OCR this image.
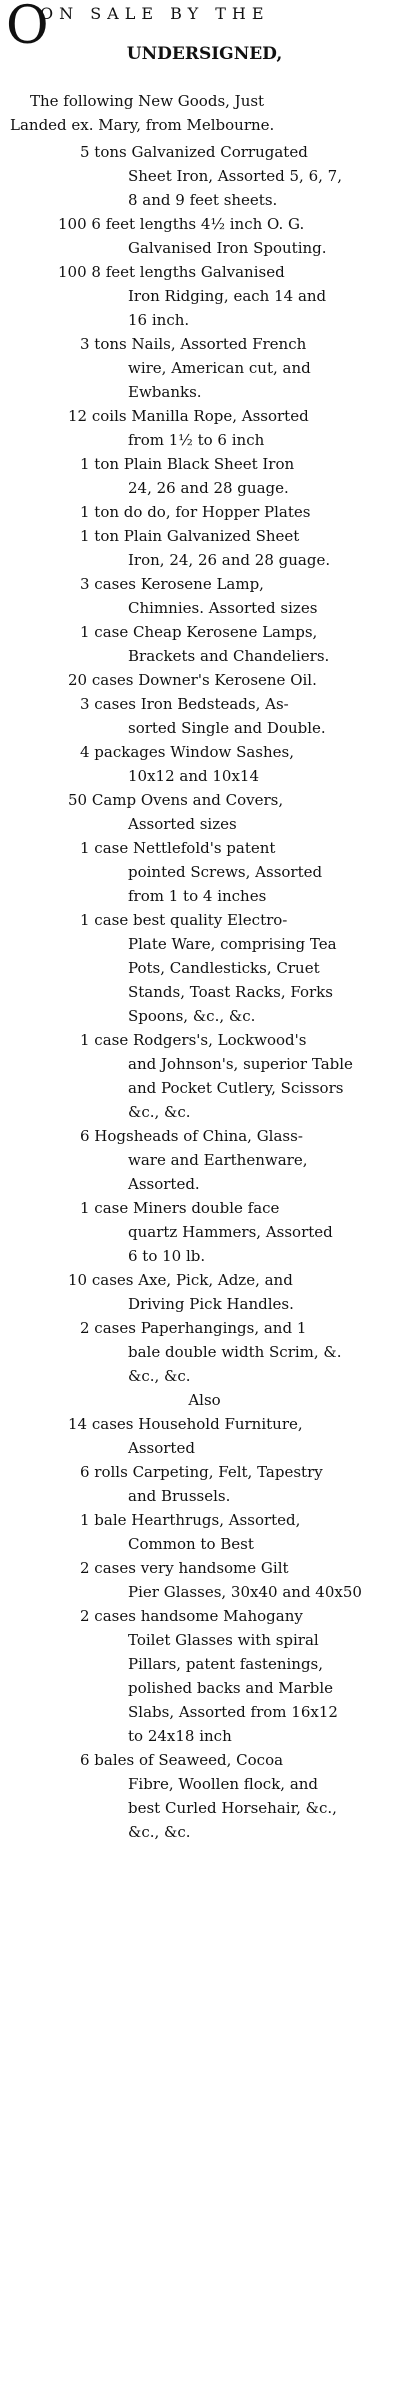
O
ON SALE BY THE
UNDERSIGNED,
The following New Goods, Just
Landed ex. Mary, from Melbourne.
5 tons Galvanized Corrugated
Sheet Iron, Assorted 5, 6, 7,
8 and 9 feet sheets.
100 6 feet lengths 4½ inch O. G.
Galvanised Iron Spouting.
100 8 feet lengths Galvanised
Iron Ridging, each 14 and
16 inch.
3 tons Nails, Assorted French
wire, American cut, and
Ewbanks.
12 coils Manilla Rope, Assorted
from 1½ to 6 inch
1 ton Plain Black Sheet Iron
24, 26 and 28 guage.
1 ton do do, for Hopper Plates
1 ton Plain Galvanized Sheet
Iron, 24, 26 and 28 guage.
3 cases Kerosene Lamp,
Chimnies. Assorted sizes
1 case Cheap Kerosene Lamps,
Brackets and Chandeliers.
20 cases Downer's Kerosene Oil.
3 cases Iron Bedsteads, As-
sorted Single and Double.
4 packages Window Sashes,
10x12 and 10x14
50 Camp Ovens and Covers,
Assorted sizes
1 case Nettlefold's patent
pointed Screws, Assorted
from 1 to 4 inches
1 case best quality Electro-
Plate Ware, comprising Tea
Pots, Candlesticks, Cruet
Stands, Toast Racks, Forks
Spoons, &c., &c.
1 case Rodgers's, Lockwood's
and Johnson's, superior Table
and Pocket Cutlery, Scissors
&c., &c.
6 Hogsheads of China, Glass-
ware and Earthenware,
Assorted.
1 case Miners double face
quartz Hammers, Assorted
6 to 10 lb.
10 cases Axe, Pick, Adze, and
Driving Pick Handles.
2 cases Paperhangings, and 1
bale double width Scrim, &.
&c., &c.
Also
14 cases Household Furniture,
Assorted
6 rolls Carpeting, Felt, Tapestry
and Brussels.
1 bale Hearthrugs, Assorted,
Common to Best
2 cases very handsome Gilt
Pier Glasses, 30x40 and 40x50
2 cases handsome Mahogany
Toilet Glasses with spiral
Pillars, patent fastenings,
polished backs and Marble
Slabs, Assorted from 16x12
to 24x18 inch
6 bales of Seaweed, Cocoa
Fibre, Woollen flock, and
best Curled Horsehair, &c.,
&c., &c.
